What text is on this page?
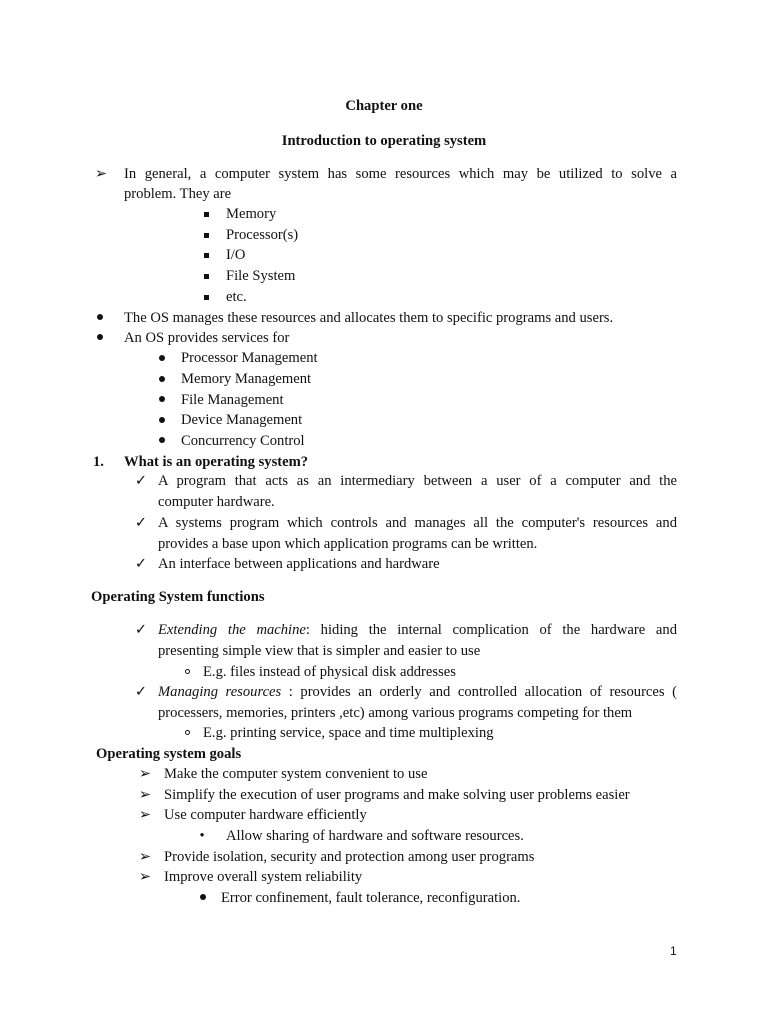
Chapter one
Introduction to operating system
➢ In general, a computer system has some resources which may be utilized to solve a
problem. They are
Memory
Processor(s)
I/O
File System
etc.
The OS manages these resources and allocates them to specific programs and users.
An OS provides services for
Processor Management
Memory Management
File Management
Device Management
Concurrency Control
1. What is an operating system?
✓ A program that acts as an intermediary between a user of a computer and the
computer hardware.
✓ A systems program which controls and manages all the computer's resources and
provides a base upon which application programs can be written.
✓ An interface between applications and hardware
Operating System functions
✓ Extending the machine: hiding the internal complication of the hardware and
presenting simple view that is simpler and easier to use
E.g. files instead of physical disk addresses
✓ Managing resources : provides an orderly and controlled allocation of resources (
processers, memories, printers ,etc) among various programs competing for them
E.g. printing service, space and time multiplexing
Operating system goals
➢ Make the computer system convenient to use
➢ Simplify the execution of user programs and make solving user problems easier
➢ Use computer hardware efficiently
•	Allow sharing of hardware and software resources.
➢ Provide isolation, security and protection among user programs
➢ Improve overall system reliability
Error confinement, fault tolerance, reconfiguration.
1
